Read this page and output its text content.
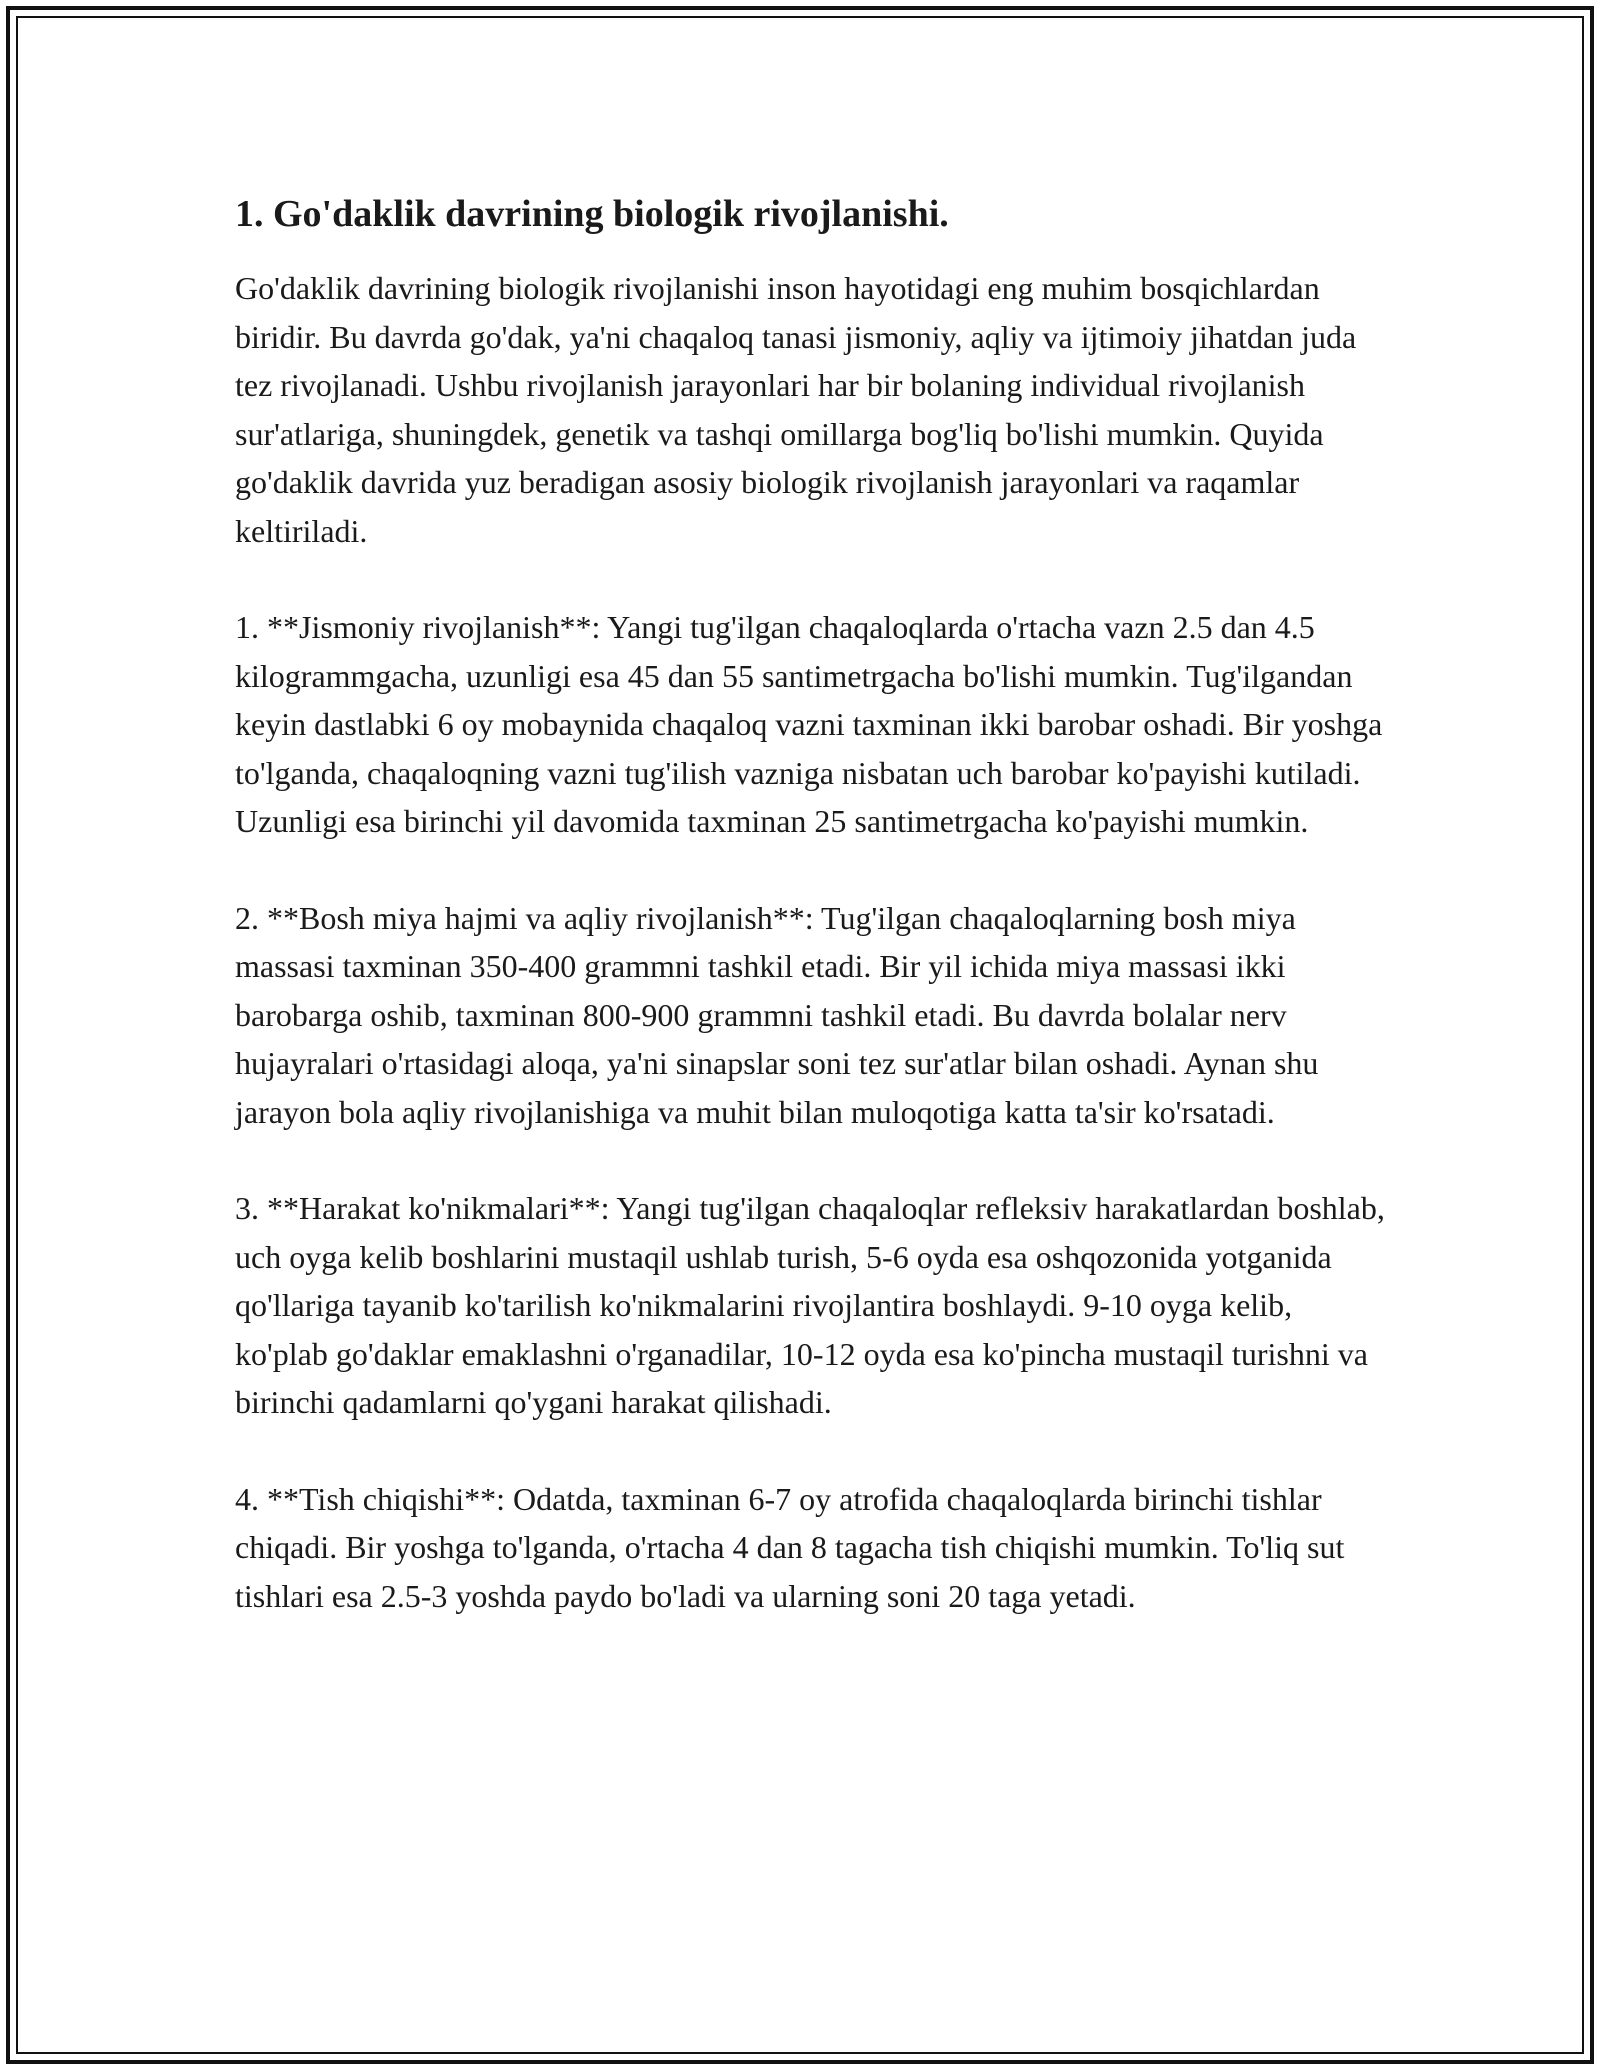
1. Go'daklik davrining biologik rivojlanishi.

Go'daklik davrining biologik rivojlanishi inson hayotidagi eng muhim bosqichlardan biridir. Bu davrda go'dak, ya'ni chaqaloq tanasi jismoniy, aqliy va ijtimoiy jihatdan juda tez rivojlanadi. Ushbu rivojlanish jarayonlari har bir bolaning individual rivojlanish sur'atlariga, shuningdek, genetik va tashqi omillarga bog'liq bo'lishi mumkin. Quyida go'daklik davrida yuz beradigan asosiy biologik rivojlanish jarayonlari va raqamlar keltiriladi.

1. **Jismoniy rivojlanish**: Yangi tug'ilgan chaqaloqlarda o'rtacha vazn 2.5 dan 4.5 kilogrammgacha, uzunligi esa 45 dan 55 santimetrgacha bo'lishi mumkin. Tug'ilgandan keyin dastlabki 6 oy mobaynida chaqaloq vazni taxminan ikki barobar oshadi. Bir yoshga to'lganda, chaqaloqning vazni tug'ilish vazniga nisbatan uch barobar ko'payishi kutiladi. Uzunligi esa birinchi yil davomida taxminan 25 santimetrgacha ko'payishi mumkin.

2. **Bosh miya hajmi va aqliy rivojlanish**: Tug'ilgan chaqaloqlarning bosh miya massasi taxminan 350-400 grammni tashkil etadi. Bir yil ichida miya massasi ikki barobarga oshib, taxminan 800-900 grammni tashkil etadi. Bu davrda bolalar nerv hujayralari o'rtasidagi aloqa, ya'ni sinapslar soni tez sur'atlar bilan oshadi. Aynan shu jarayon bola aqliy rivojlanishiga va muhit bilan muloqotiga katta ta'sir ko'rsatadi.

3. **Harakat ko'nikmalari**: Yangi tug'ilgan chaqaloqlar refleksiv harakatlardan boshlab, uch oyga kelib boshlarini mustaqil ushlab turish, 5-6 oyda esa oshqozonida yotganida qo'llariga tayanib ko'tarilish ko'nikmalarini rivojlantira boshlaydi. 9-10 oyga kelib, ko'plab go'daklar emaklashni o'rganadilar, 10-12 oyda esa ko'pincha mustaqil turishni va birinchi qadamlarni qo'ygani harakat qilishadi.

4. **Tish chiqishi**: Odatda, taxminan 6-7 oy atrofida chaqaloqlarda birinchi tishlar chiqadi. Bir yoshga to'lganda, o'rtacha 4 dan 8 tagacha tish chiqishi mumkin. To'liq sut tishlari esa 2.5-3 yoshda paydo bo'ladi va ularning soni 20 taga yetadi.
